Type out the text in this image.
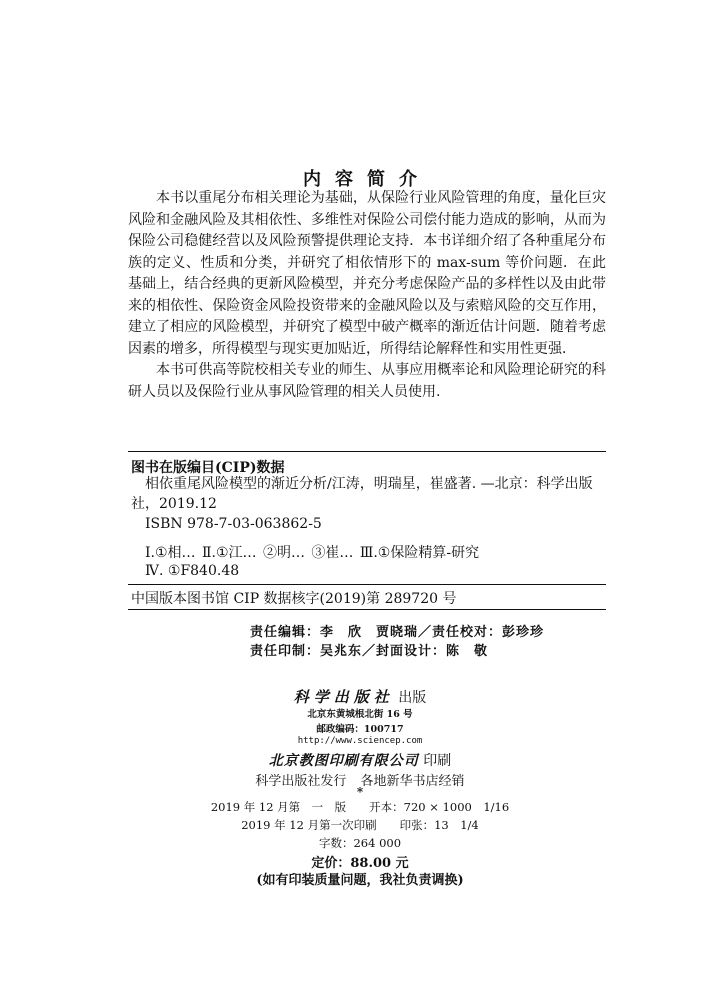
内容简介

本书以重尾分布相关理论为基础，从保险行业风险管理的角度，量化巨灾风险和金融风险及其相依性、多维性对保险公司偿付能力造成的影响，从而为保险公司稳健经营以及风险预警提供理论支持．本书详细介绍了各种重尾分布族的定义、性质和分类，并研究了相依情形下的 max-sum 等价问题．在此基础上，结合经典的更新风险模型，并充分考虑保险产品的多样性以及由此带来的相依性、保险资金风险投资带来的金融风险以及与索赔风险的交互作用，建立了相应的风险模型，并研究了模型中破产概率的渐近估计问题．随着考虑因素的增多，所得模型与现实更加贴近，所得结论解释性和实用性更强．

本书可供高等院校相关专业的师生、从事应用概率论和风险理论研究的科研人员以及保险行业从事风险管理的相关人员使用.

图书在版编目(CIP)数据
相依重尾风险模型的渐近分析/江涛，明瑞星，崔盛著. —北京：科学出版社，2019.12
ISBN 978-7-03-063862-5
Ⅰ.①相… Ⅱ.①江… ②明… ③崔… Ⅲ.①保险精算-研究
Ⅳ. ①F840.48
中国版本图书馆 CIP 数据核字(2019)第 289720 号
责任编辑：李　欣　贾晓瑞／责任校对：彭珍珍
责任印制：吴兆东／封面设计：陈　敬
科学出版社 出版
北京东黄城根北街 16 号
邮政编码：100717
http://www.sciencep.com
北京教图印刷有限公司 印刷
科学出版社发行 各地新华书店经销
*
2019 年 12 月第　一　版　　开本：720 × 1000　1/16
2019 年 12 月第一次印刷　　印张：13　1/4
字数：264 000
定价：88.00 元
(如有印装质量问题，我社负责调换)
